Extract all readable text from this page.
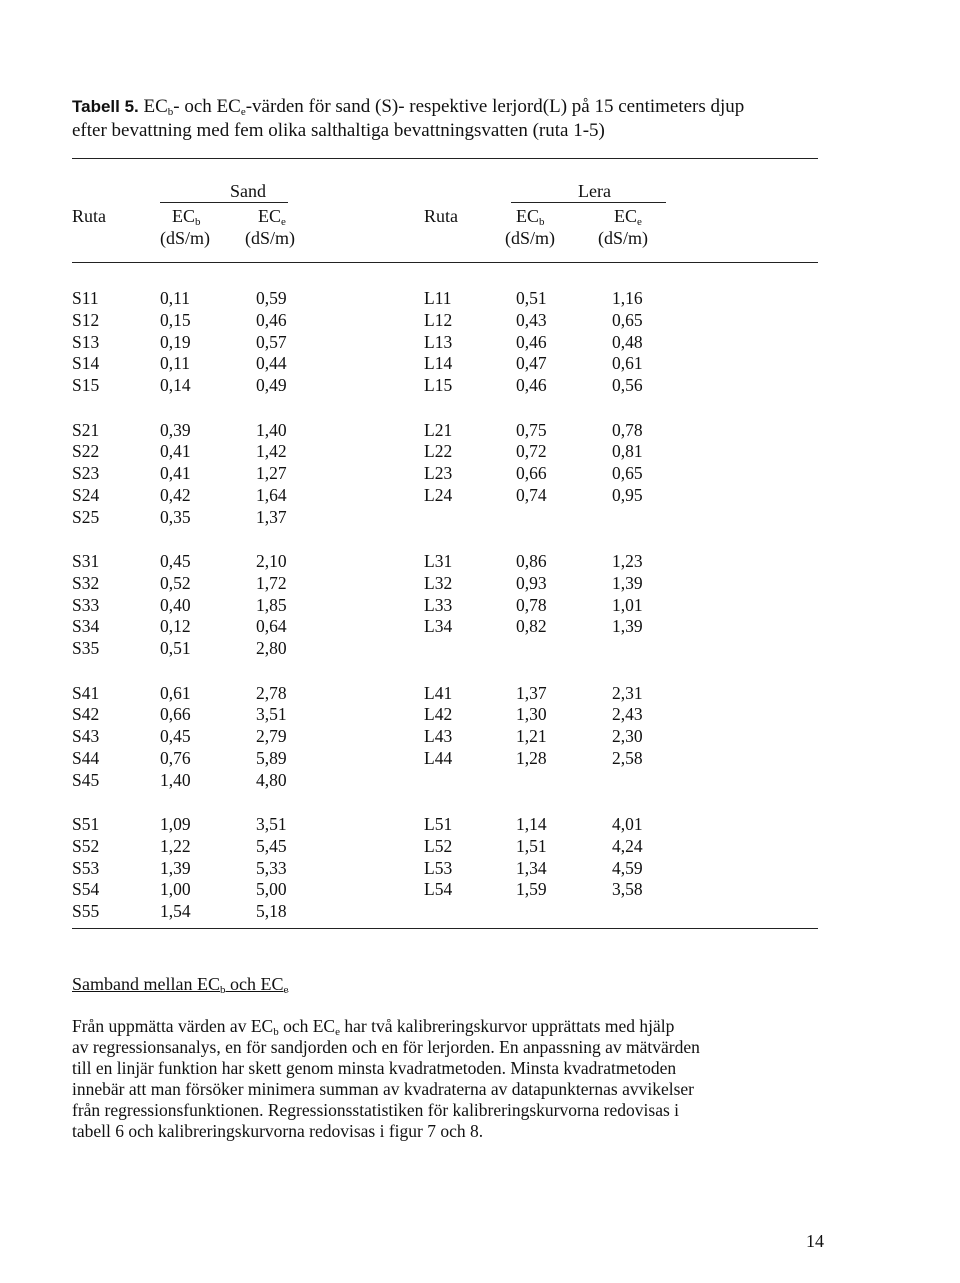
Tabell 5. $EC_b-$ och $EC_e$-värden för sand (S)- respektive lerjord(L) på 15 centimeters djup
efter bevattning med fem olika salthaltiga bevattningsvatten (ruta 1-5)
Sand	Lera
Ruta	$EC_b$	$EC_e$	Ruta	$EC_b$	$EC_e$
(dS/m) (dS/m)	(dS/m) (dS/m)
S11	0,11	0,59	L11	0,51	1,16
S12	0,15	0,46	L12	0,43	0,65
S13	0,19	0,57	L13	0,46	0,48
S14	0,11	0,44	L14	0,47	0,61
S15	0,14	0,49	L15	0,46	0,56
S21	0,39	1,40	L21	0,75	0,78
S22	0,41	1,42	L22	0,72	0,81
S23	0,41	1,27	L23	0,66	0,65
S24	0,42	1,64	L24	0,74	0,95
S25	0,35	1,37
S31	0,45	2,10	L31	0,86	1,23
S32	0,52	1,72	L32	0,93	1,39
S33	0,40	1,85	L33	0,78	1,01
S34	0,12	0,64	L34	0,82	1,39
S35	0,51	2,80
S41	0,61	2,78	L41	1,37	2,31
S42	0,66	3,51	L42	1,30	2,43
S43	0,45	2,79	L43	1,21	2,30
S44	0,76	5,89	L44	1,28	2,58
S45	1,40	4,80
S51	1,09	3,51	L51	1,14	4,01
S52	1,22	5,45	L52	1,51	4,24
S53	1,39	5,33	L53	1,34	4,59
S54	1,00	5,00	L54	1,59	3,58
S55	1,54	5,18
Samband mellan $EC_b$ och $EC_e$
Från uppmätta värden av $EC_b$ och $EC_e$ har två kalibreringskurvor upprättats med hjälp
av regressionsanalys, en för sandjorden och en för lerjorden. En anpassning av mätvärden
till en linjär funktion har skett genom minsta kvadratmetoden. Minsta kvadratmetoden
innebär att man försöker minimera summan av kvadraterna av datapunkternas avvikelser
från regressionsfunktionen. Regressionsstatistiken för kalibreringskurvorna redovisas i
tabell 6 och kalibreringskurvorna redovisas i figur 7 och 8.
14
